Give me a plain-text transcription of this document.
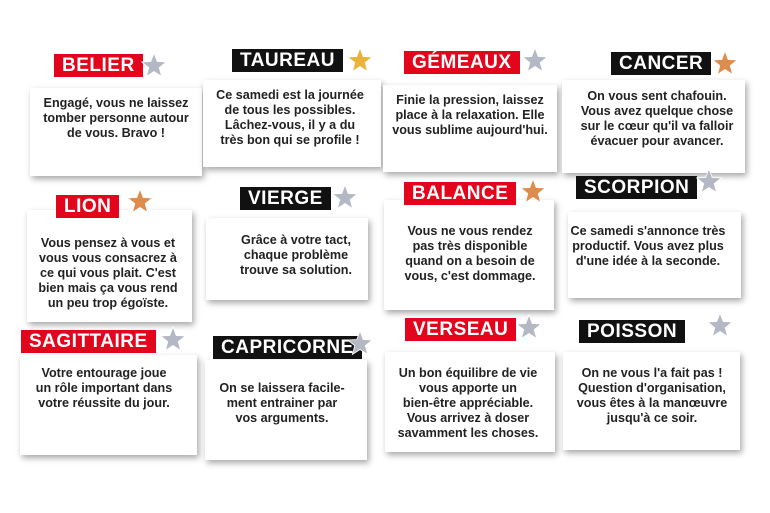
BELIER
Engagé, vous ne laissez
tomber personne autour
de vous. Bravo !
TAUREAU
Ce samedi est la journée
de tous les possibles.
Lâchez-vous, il y a du
très bon qui se profile !
GÉMEAUX
Finie la pression, laissez
place à la relaxation. Elle
vous sublime aujourd'hui.
CANCER
On vous sent chafouin.
Vous avez quelque chose
sur le cœur qu'il va falloir
évacuer pour avancer.
LION
Vous pensez à vous et
vous vous consacrez à
ce qui vous plait. C'est
bien mais ça vous rend
un peu trop égoïste.
VIERGE
Grâce à votre tact,
chaque problème
trouve sa solution.
BALANCE
Vous ne vous rendez
pas très disponible
quand on a besoin de
vous, c'est dommage.
SCORPION
Ce samedi s'annonce très
productif. Vous avez plus
d'une idée à la seconde.
SAGITTAIRE
Votre entourage joue
un rôle important dans
votre réussite du jour.
CAPRICORNE
On se laissera facile-
ment entrainer par
vos arguments.
VERSEAU
Un bon équilibre de vie
vous apporte un
bien-être appréciable.
Vous arrivez à doser
savamment les choses.
POISSON
On ne vous l'a fait pas !
Question d'organisation,
vous êtes à la manœuvre
jusqu'à ce soir.
